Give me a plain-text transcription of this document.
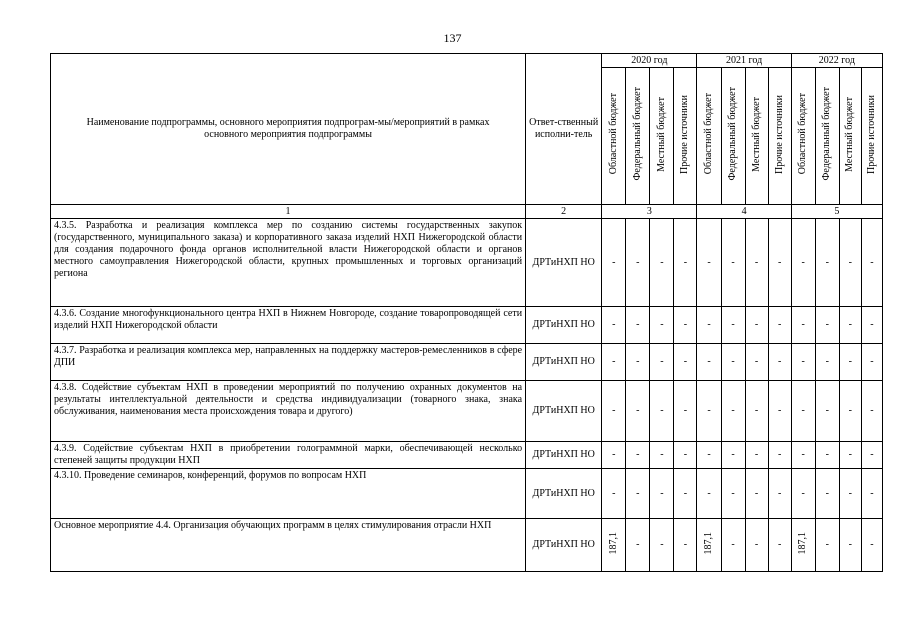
137
Наименование подпрограммы, основного мероприятия подпрограм-мы/мероприятий в рамках основного мероприятия подпрограммы	Ответ-ственный исполни-тель	2020 год				2021 год				2022 год			
		Областной бюджет	Федеральный бюджет	Местный бюджет	Прочие источники	Областной бюджет	Федеральный бюджет	Местный бюджет	Прочие источники	Областной бюджет	Федеральный бюджет	Местный бюджет	Прочие источники
1	2	3				4				5			
4.3.5. Разработка и реализация комплекса мер по созданию системы государственных закупок (государственного, муниципального заказа) и корпоративного заказа изделий НХП Нижегородской области для создания подарочного фонда органов исполнительной власти Нижегородской области и органов местного самоуправления Нижегородской области, крупных промышленных и торговых организаций региона	ДРТиНХП НО	-	-	-	-	-	-	-	-	-	-	-	-
4.3.6. Создание многофункционального центра НХП в Нижнем Новгороде, создание товаропроводящей сети изделий НХП Нижегородской области	ДРТиНХП НО	-	-	-	-	-	-	-	-	-	-	-	-
4.3.7. Разработка и реализация комплекса мер, направленных на поддержку мастеров-ремесленников в сфере ДПИ	ДРТиНХП НО	-	-	-	-	-	-	-	-	-	-	-	-
4.3.8. Содействие субъектам НХП в проведении мероприятий по получению охранных документов на результаты интеллектуальной деятельности и средства индивидуализации (товарного знака, знака обслуживания, наименования места происхождения товара и другого)	ДРТиНХП НО	-	-	-	-	-	-	-	-	-	-	-	-
4.3.9. Содействие субъектам НХП в приобретении голограммной марки, обеспечивающей несколько степеней защиты продукции НХП	ДРТиНХП НО	-	-	-	-	-	-	-	-	-	-	-	-
4.3.10. Проведение семинаров, конференций, форумов по вопросам НХП	ДРТиНХП НО	-	-	-	-	-	-	-	-	-	-	-	-
Основное мероприятие 4.4. Организация обучающих программ в целях стимулирования отрасли НХП	ДРТиНХП НО	187,1	-	-	-	187,1	-	-	-	187,1	-	-	-
